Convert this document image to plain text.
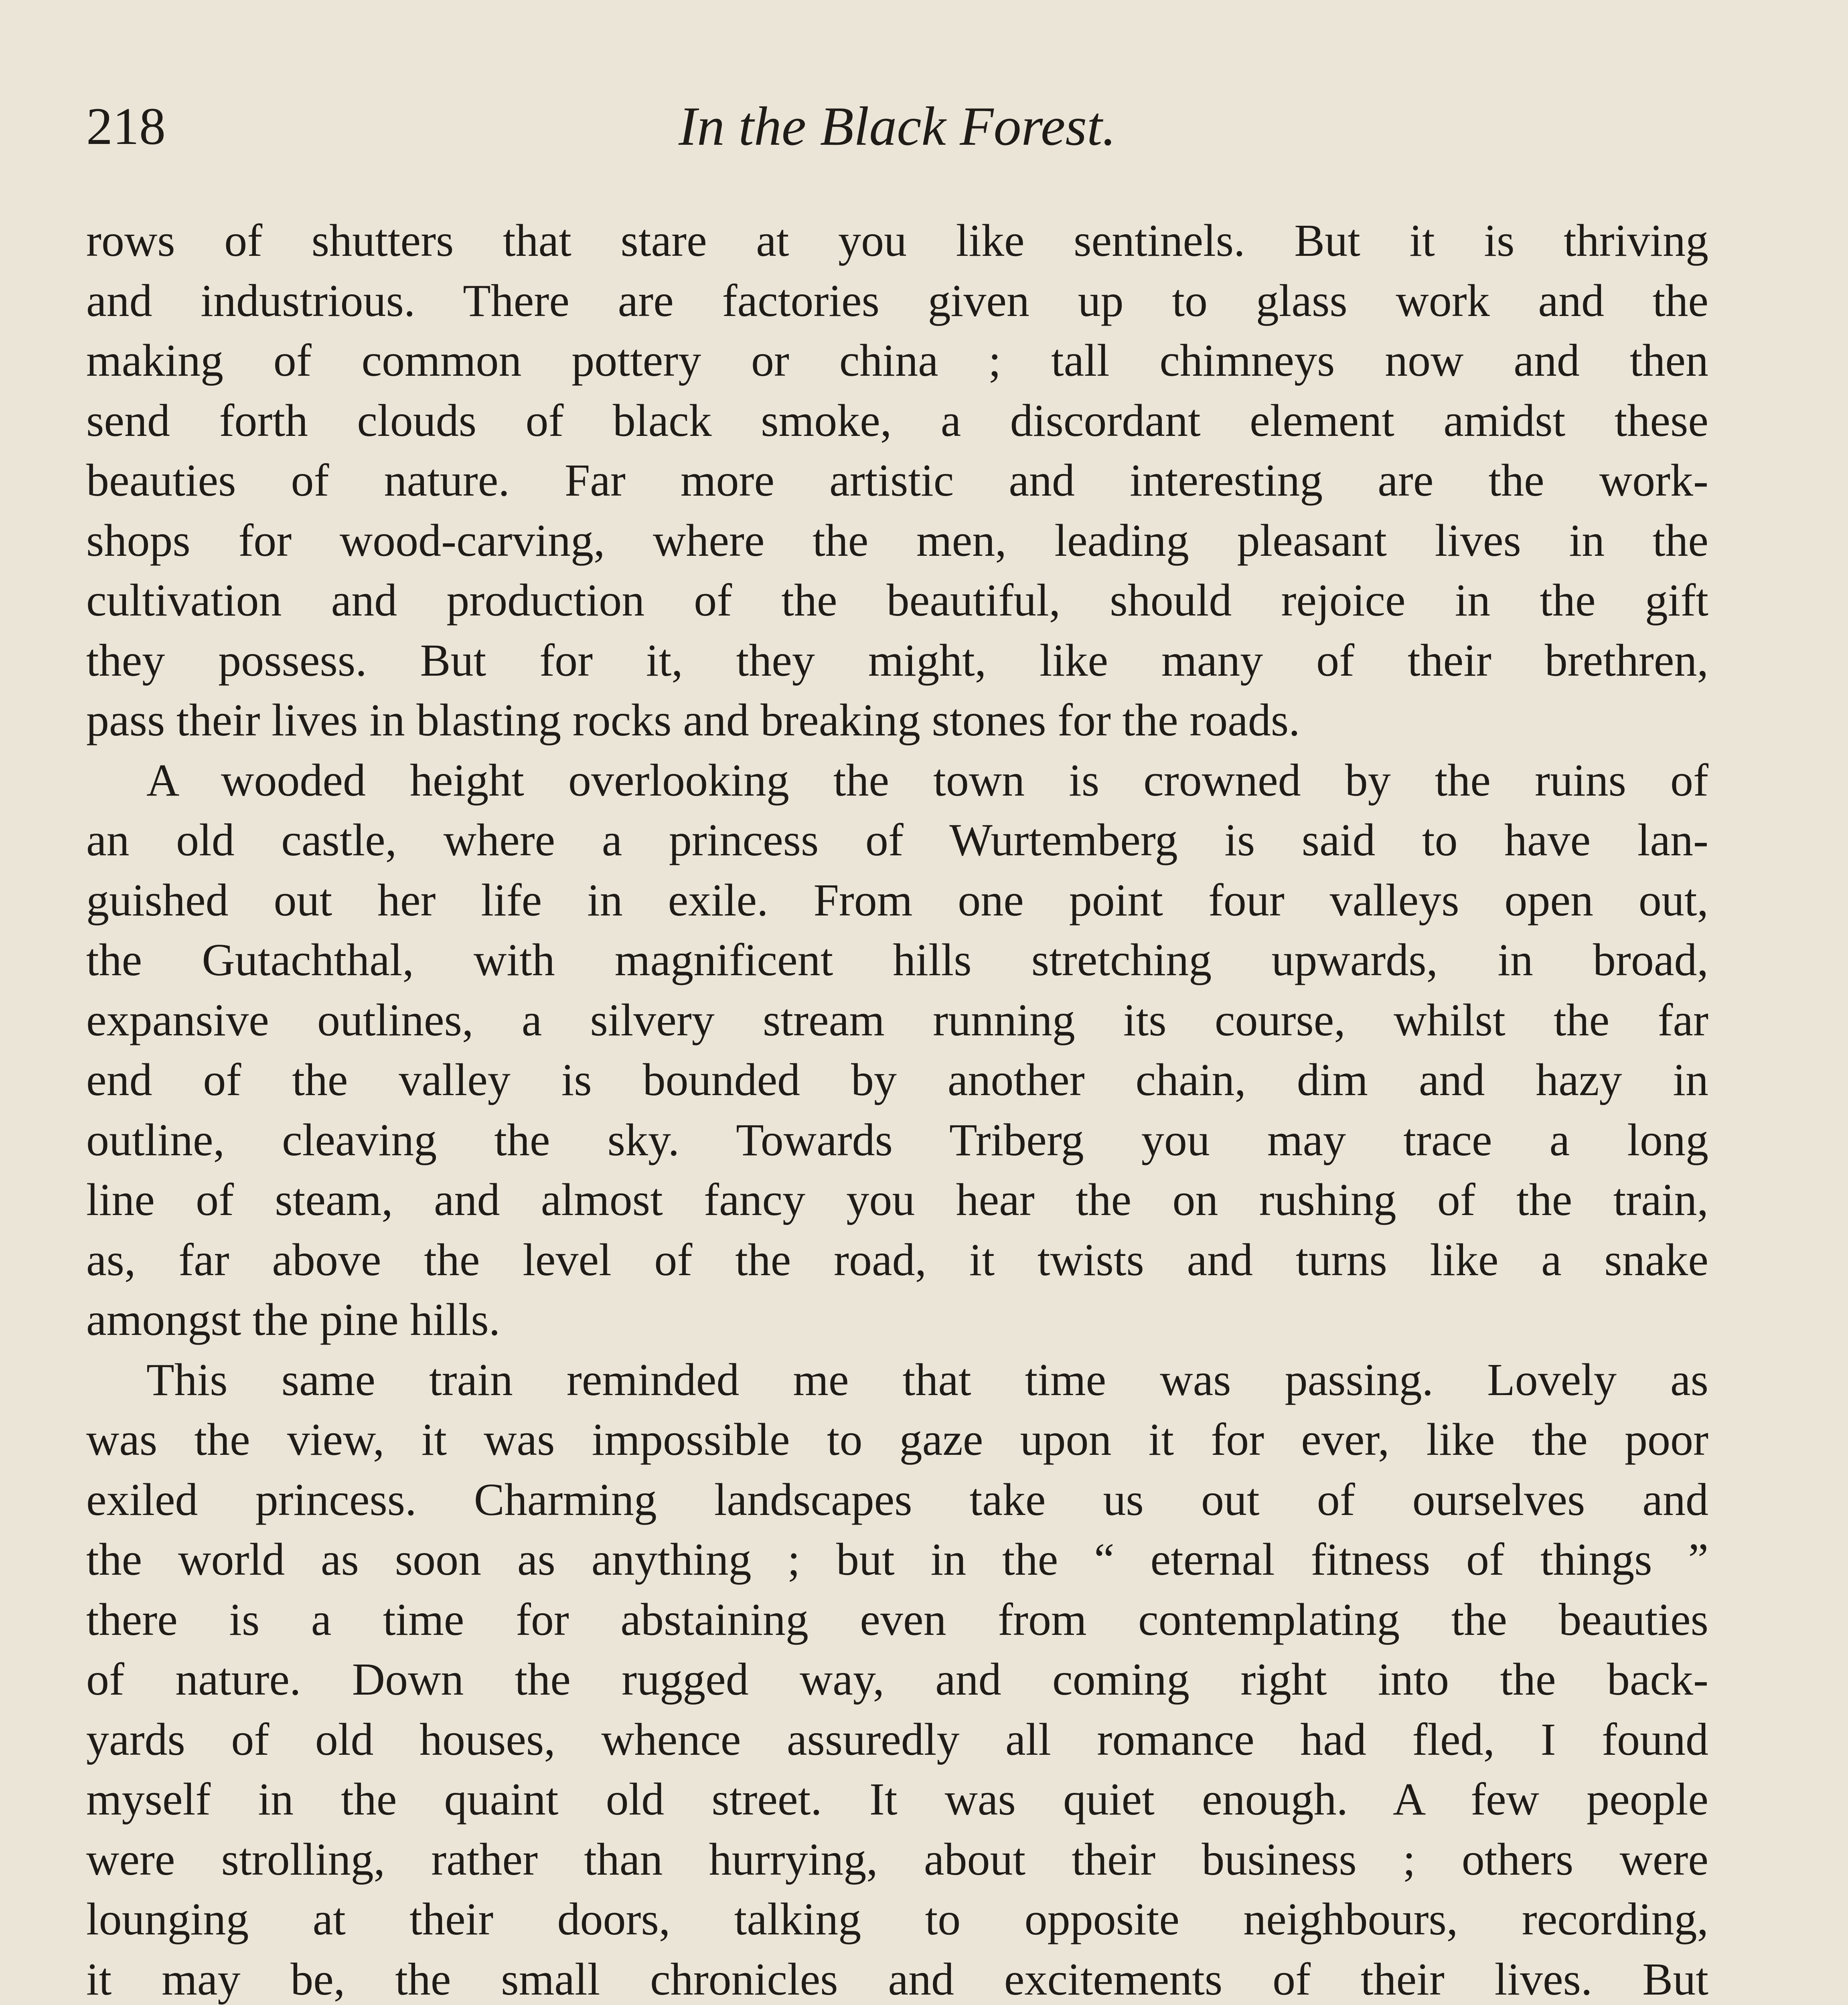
218	In the Black Forest.

rows of shutters that stare at you like sentinels. But it is thriving

and industrious. There are factories given up to glass work and the

making of common pottery or china ; tall chimneys now and then

send forth clouds of black smoke, a discordant element amidst these

beauties of nature. Far more artistic and interesting are the work-

shops for wood-carving, where the men, leading pleasant lives in the

cultivation and production of the beautiful, should rejoice in the gift

they possess. But for it, they might, like many of their brethren,

pass their lives in blasting rocks and breaking stones for the roads.

A wooded height overlooking the town is crowned by the ruins of

an old castle, where a princess of Wurtemberg is said to have lan-

guished out her life in exile. From one point four valleys open out,

the Gutachthal, with magnificent hills stretching upwards, in broad,

expansive outlines, a silvery stream running its course, whilst the far

end of the valley is bounded by another chain, dim and hazy in

outline, cleaving the sky. Towards Triberg you may trace a long

line of steam, and almost fancy you hear the on rushing of the train,

as, far above the level of the road, it twists and turns like a snake

amongst the pine hills.

This same train reminded me that time was passing. Lovely as

was the view, it was impossible to gaze upon it for ever, like the poor

exiled princess. Charming landscapes take us out of ourselves and

the world as soon as anything ; but in the “ eternal fitness of things ”

there is a time for abstaining even from contemplating the beauties

of nature. Down the rugged way, and coming right into the back-

yards of old houses, whence assuredly all romance had fled, I found

myself in the quaint old street. It was quiet enough. A few people

were strolling, rather than hurrying, about their business ; others were

lounging at their doors, talking to opposite neighbours, recording,

it may be, the small chronicles and excitements of their lives. But
